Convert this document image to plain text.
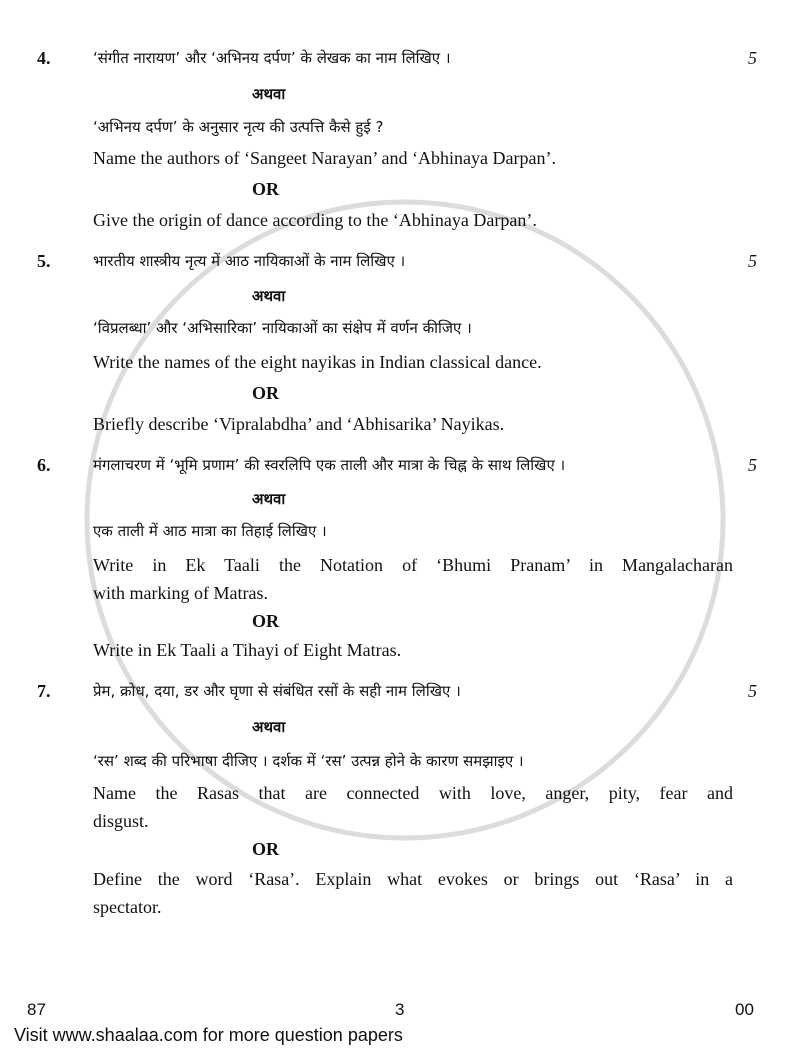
4.	‘संगीत नारायण’ और ‘अभिनय दर्पण’ के लेखक का नाम लिखिए ।	5
अथवा
‘अभिनय दर्पण’ के अनुसार नृत्य की उत्पत्ति कैसे हुई ?
Name the authors of ‘Sangeet Narayan’ and ‘Abhinaya Darpan’.
OR
Give the origin of dance according to the ‘Abhinaya Darpan’.
5.	भारतीय शास्त्रीय नृत्य में आठ नायिकाओं के नाम लिखिए ।	5
अथवा
‘विप्रलब्धा’ और ‘अभिसारिका’ नायिकाओं का संक्षेप में वर्णन कीजिए ।
Write the names of the eight nayikas in Indian classical dance.
OR
Briefly describe ‘Vipralabdha’ and ‘Abhisarika’ Nayikas.
6.	मंगलाचरण में ‘भूमि प्रणाम’ की स्वरलिपि एक ताली और मात्रा के चिह्न के साथ लिखिए ।	5
अथवा
एक ताली में आठ मात्रा का तिहाई लिखिए ।
Write in Ek Taali the Notation of ‘Bhumi Pranam’ in Mangalacharan
with marking of Matras.
OR
Write in Ek Taali a Tihayi of Eight Matras.
7.	प्रेम, क्रोध, दया, डर और घृणा से संबंधित रसों के सही नाम लिखिए ।	5
अथवा
‘रस’ शब्द की परिभाषा दीजिए । दर्शक में ‘रस’ उत्पन्न होने के कारण समझाइए ।
Name the Rasas that are connected with love, anger, pity, fear and
disgust.
OR
Define the word ‘Rasa’. Explain what evokes or brings out ‘Rasa’ in a
spectator.
87	3	00
Visit www.shaalaa.com for more question papers
